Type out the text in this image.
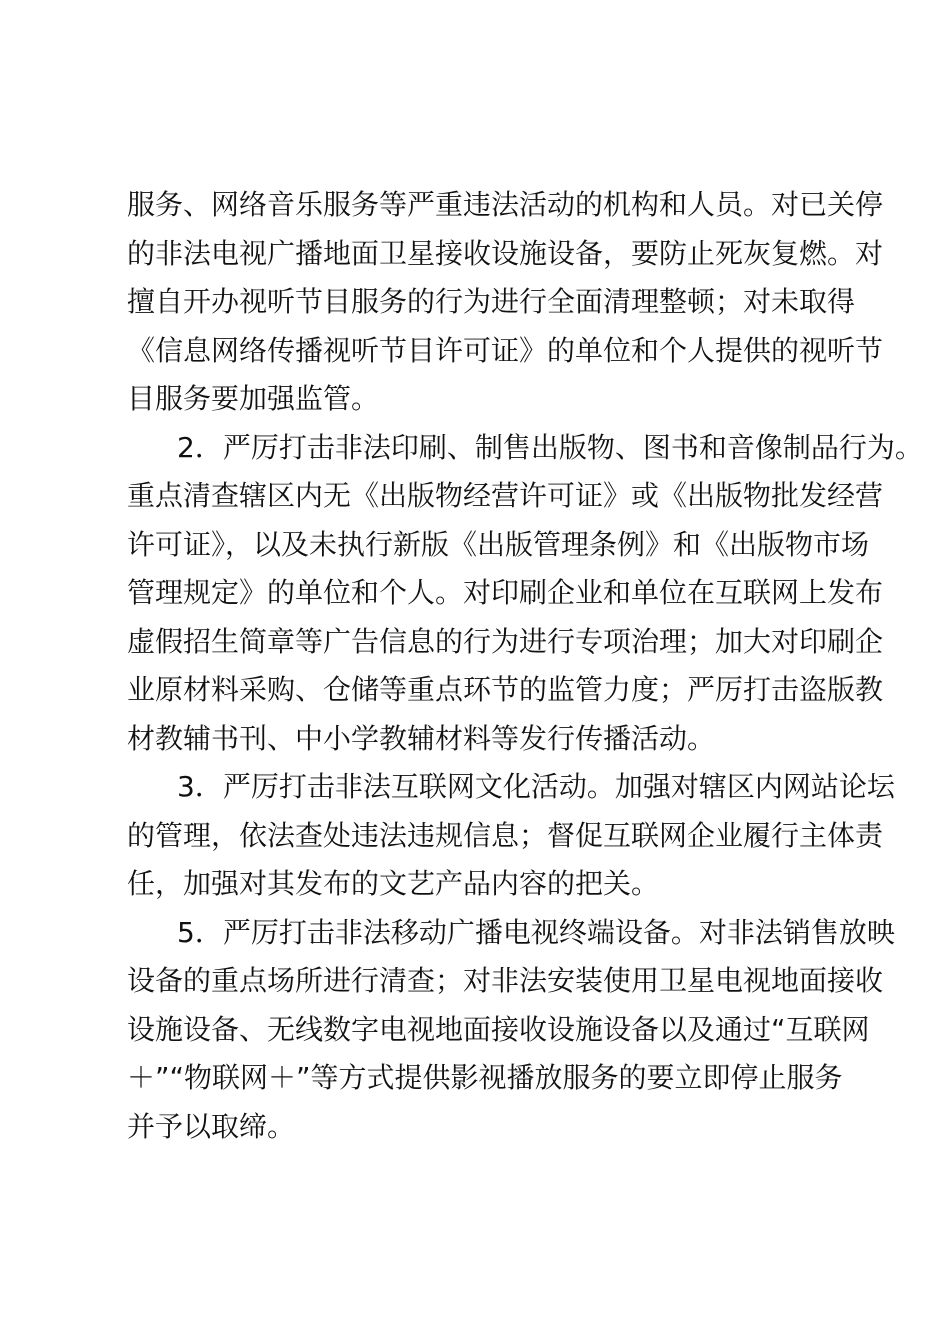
服务、网络音乐服务等严重违法活动的机构和人员。对已关停
的非法电视广播地面卫星接收设施设备，要防止死灰复燃。对
擅自开办视听节目服务的行为进行全面清理整顿；对未取得
《信息网络传播视听节目许可证》的单位和个人提供的视听节
目服务要加强监管。
2．严厉打击非法印刷、制售出版物、图书和音像制品行为。
重点清查辖区内无《出版物经营许可证》或《出版物批发经营
许可证》，以及未执行新版《出版管理条例》和《出版物市场
管理规定》的单位和个人。对印刷企业和单位在互联网上发布
虚假招生简章等广告信息的行为进行专项治理；加大对印刷企
业原材料采购、仓储等重点环节的监管力度；严厉打击盗版教
材教辅书刊、中小学教辅材料等发行传播活动。
3．严厉打击非法互联网文化活动。加强对辖区内网站论坛
的管理，依法查处违法违规信息；督促互联网企业履行主体责
任，加强对其发布的文艺产品内容的把关。
5．严厉打击非法移动广播电视终端设备。对非法销售放映
设备的重点场所进行清查；对非法安装使用卫星电视地面接收
设施设备、无线数字电视地面接收设施设备以及通过“互联网
＋”“物联网＋”等方式提供影视播放服务的要立即停止服务
并予以取缔。
